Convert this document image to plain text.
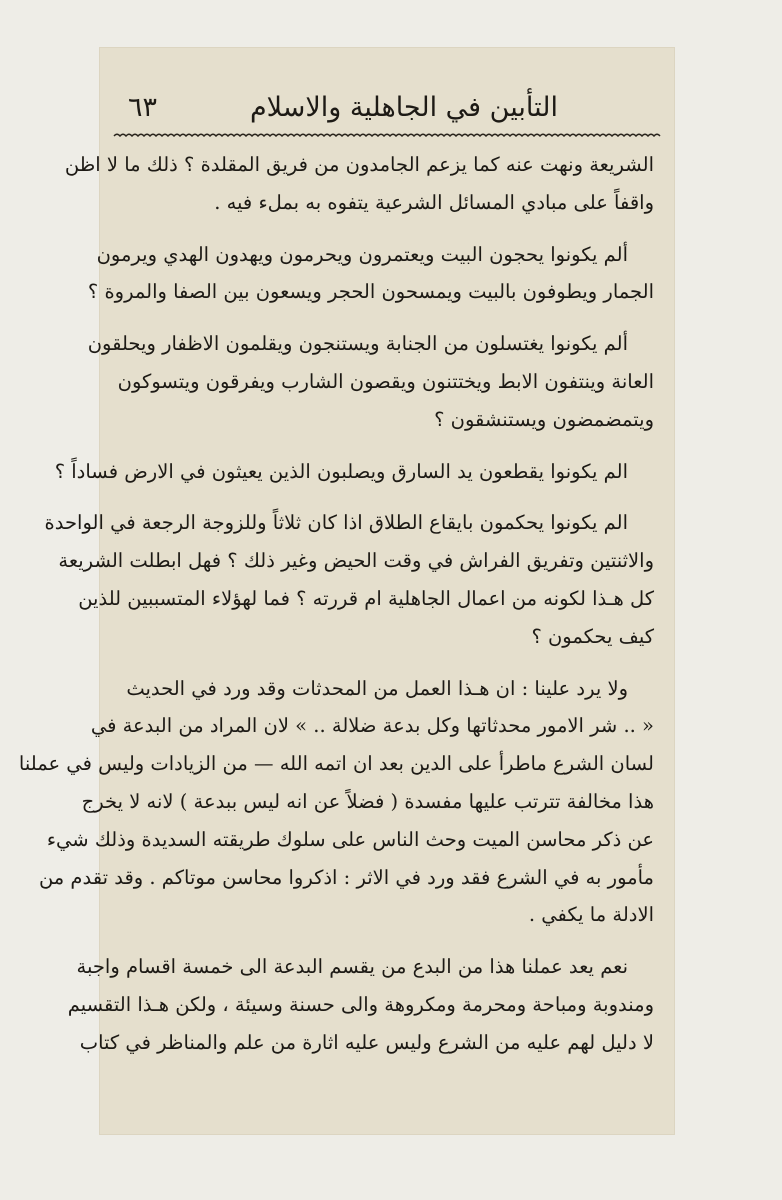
التأبين في الجاهلية والاسلام
٦٣
الشريعة ونهت عنه كما يزعم الجامدون من فريق المقلدة ؟ ذلك ما لا اظن
واقفاً على مبادي المسائل الشرعية يتفوه به بملء فيه .
ألم يكونوا يحجون البيت ويعتمرون ويحرمون ويهدون الهدي ويرمون
الجمار ويطوفون بالبيت ويمسحون الحجر ويسعون بين الصفا والمروة ؟
ألم يكونوا يغتسلون من الجنابة ويستنجون ويقلمون الاظفار ويحلقون
العانة وينتفون الابط ويختتنون ويقصون الشارب ويفرقون ويتسوكون
ويتمضمضون ويستنشقون ؟
الم يكونوا يقطعون يد السارق ويصلبون الذين يعيثون في الارض فساداً ؟
الم يكونوا يحكمون بايقاع الطلاق اذا كان ثلاثاً وللزوجة الرجعة في الواحدة
والاثنتين وتفريق الفراش في وقت الحيض وغير ذلك ؟ فهل ابطلت الشريعة
كل هـذا لكونه من اعمال الجاهلية ام قررته ؟ فما لهؤلاء المتسببين للذين
كيف يحكمون ؟
ولا يرد علينا : ان هـذا العمل من المحدثات وقد ورد في الحديث
« .. شر الامور محدثاتها وكل بدعة ضلالة .. » لان المراد من البدعة في
لسان الشرع ماطرأ على الدين بعد ان اتمه الله — من الزيادات وليس في عملنا
هذا مخالفة تترتب عليها مفسدة ( فضلاً عن انه ليس ببدعة ) لانه لا يخرج
عن ذكر محاسن الميت وحث الناس على سلوك طريقته السديدة وذلك شيء
مأمور به في الشرع فقد ورد في الاثر : اذكروا محاسن موتاكم . وقد تقدم من
الادلة ما يكفي .
نعم يعد عملنا هذا من البدع من يقسم البدعة الى خمسة اقسام واجبة
ومندوبة ومباحة ومحرمة ومكروهة والى حسنة وسيئة ، ولكن هـذا التقسيم
لا دليل لهم عليه من الشرع وليس عليه اثارة من علم والمناظر في كتاب
